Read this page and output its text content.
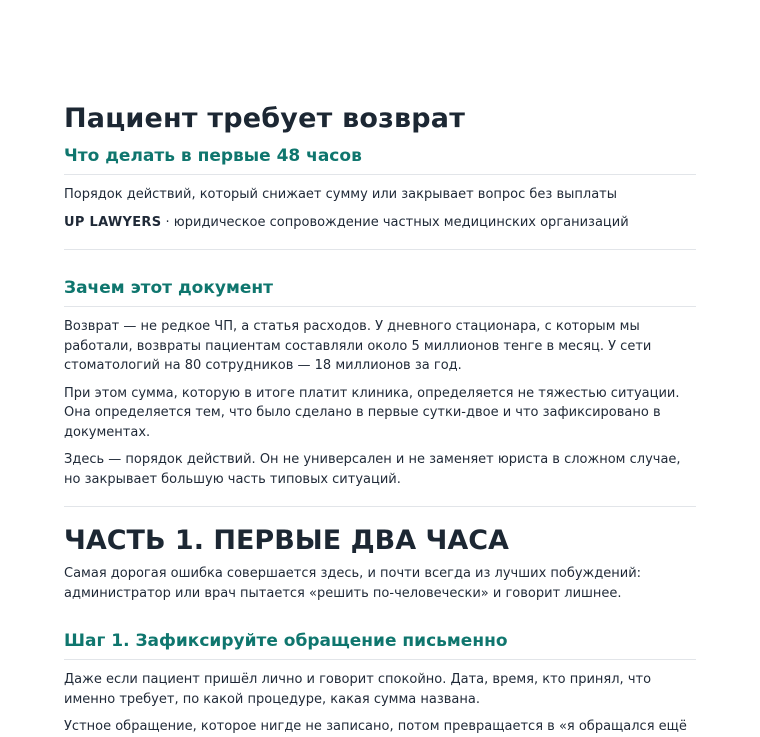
Пациент требует возврат
Что делать в первые 48 часов

Порядок действий, который снижает сумму или закрывает вопрос без выплаты

UP LAWYERS · юридическое сопровождение частных медицинских организаций

Зачем этот документ

Возврат — не редкое ЧП, а статья расходов. У дневного стационара, с которым мы работали, возвраты пациентам составляли около 5 миллионов тенге в месяц. У сети стоматологий на 80 сотрудников — 18 миллионов за год.

При этом сумма, которую в итоге платит клиника, определяется не тяжестью ситуации. Она определяется тем, что было сделано в первые сутки-двое и что зафиксировано в документах.

Здесь — порядок действий. Он не универсален и не заменяет юриста в сложном случае, но закрывает большую часть типовых ситуаций.

ЧАСТЬ 1. ПЕРВЫЕ ДВА ЧАСА

Самая дорогая ошибка совершается здесь, и почти всегда из лучших побуждений: администратор или врач пытается «решить по-человечески» и говорит лишнее.

Шаг 1. Зафиксируйте обращение письменно

Даже если пациент пришёл лично и говорит спокойно. Дата, время, кто принял, что именно требует, по какой процедуре, какая сумма названа.

Устное обращение, которое нигде не записано, потом превращается в «я обращался ещё
